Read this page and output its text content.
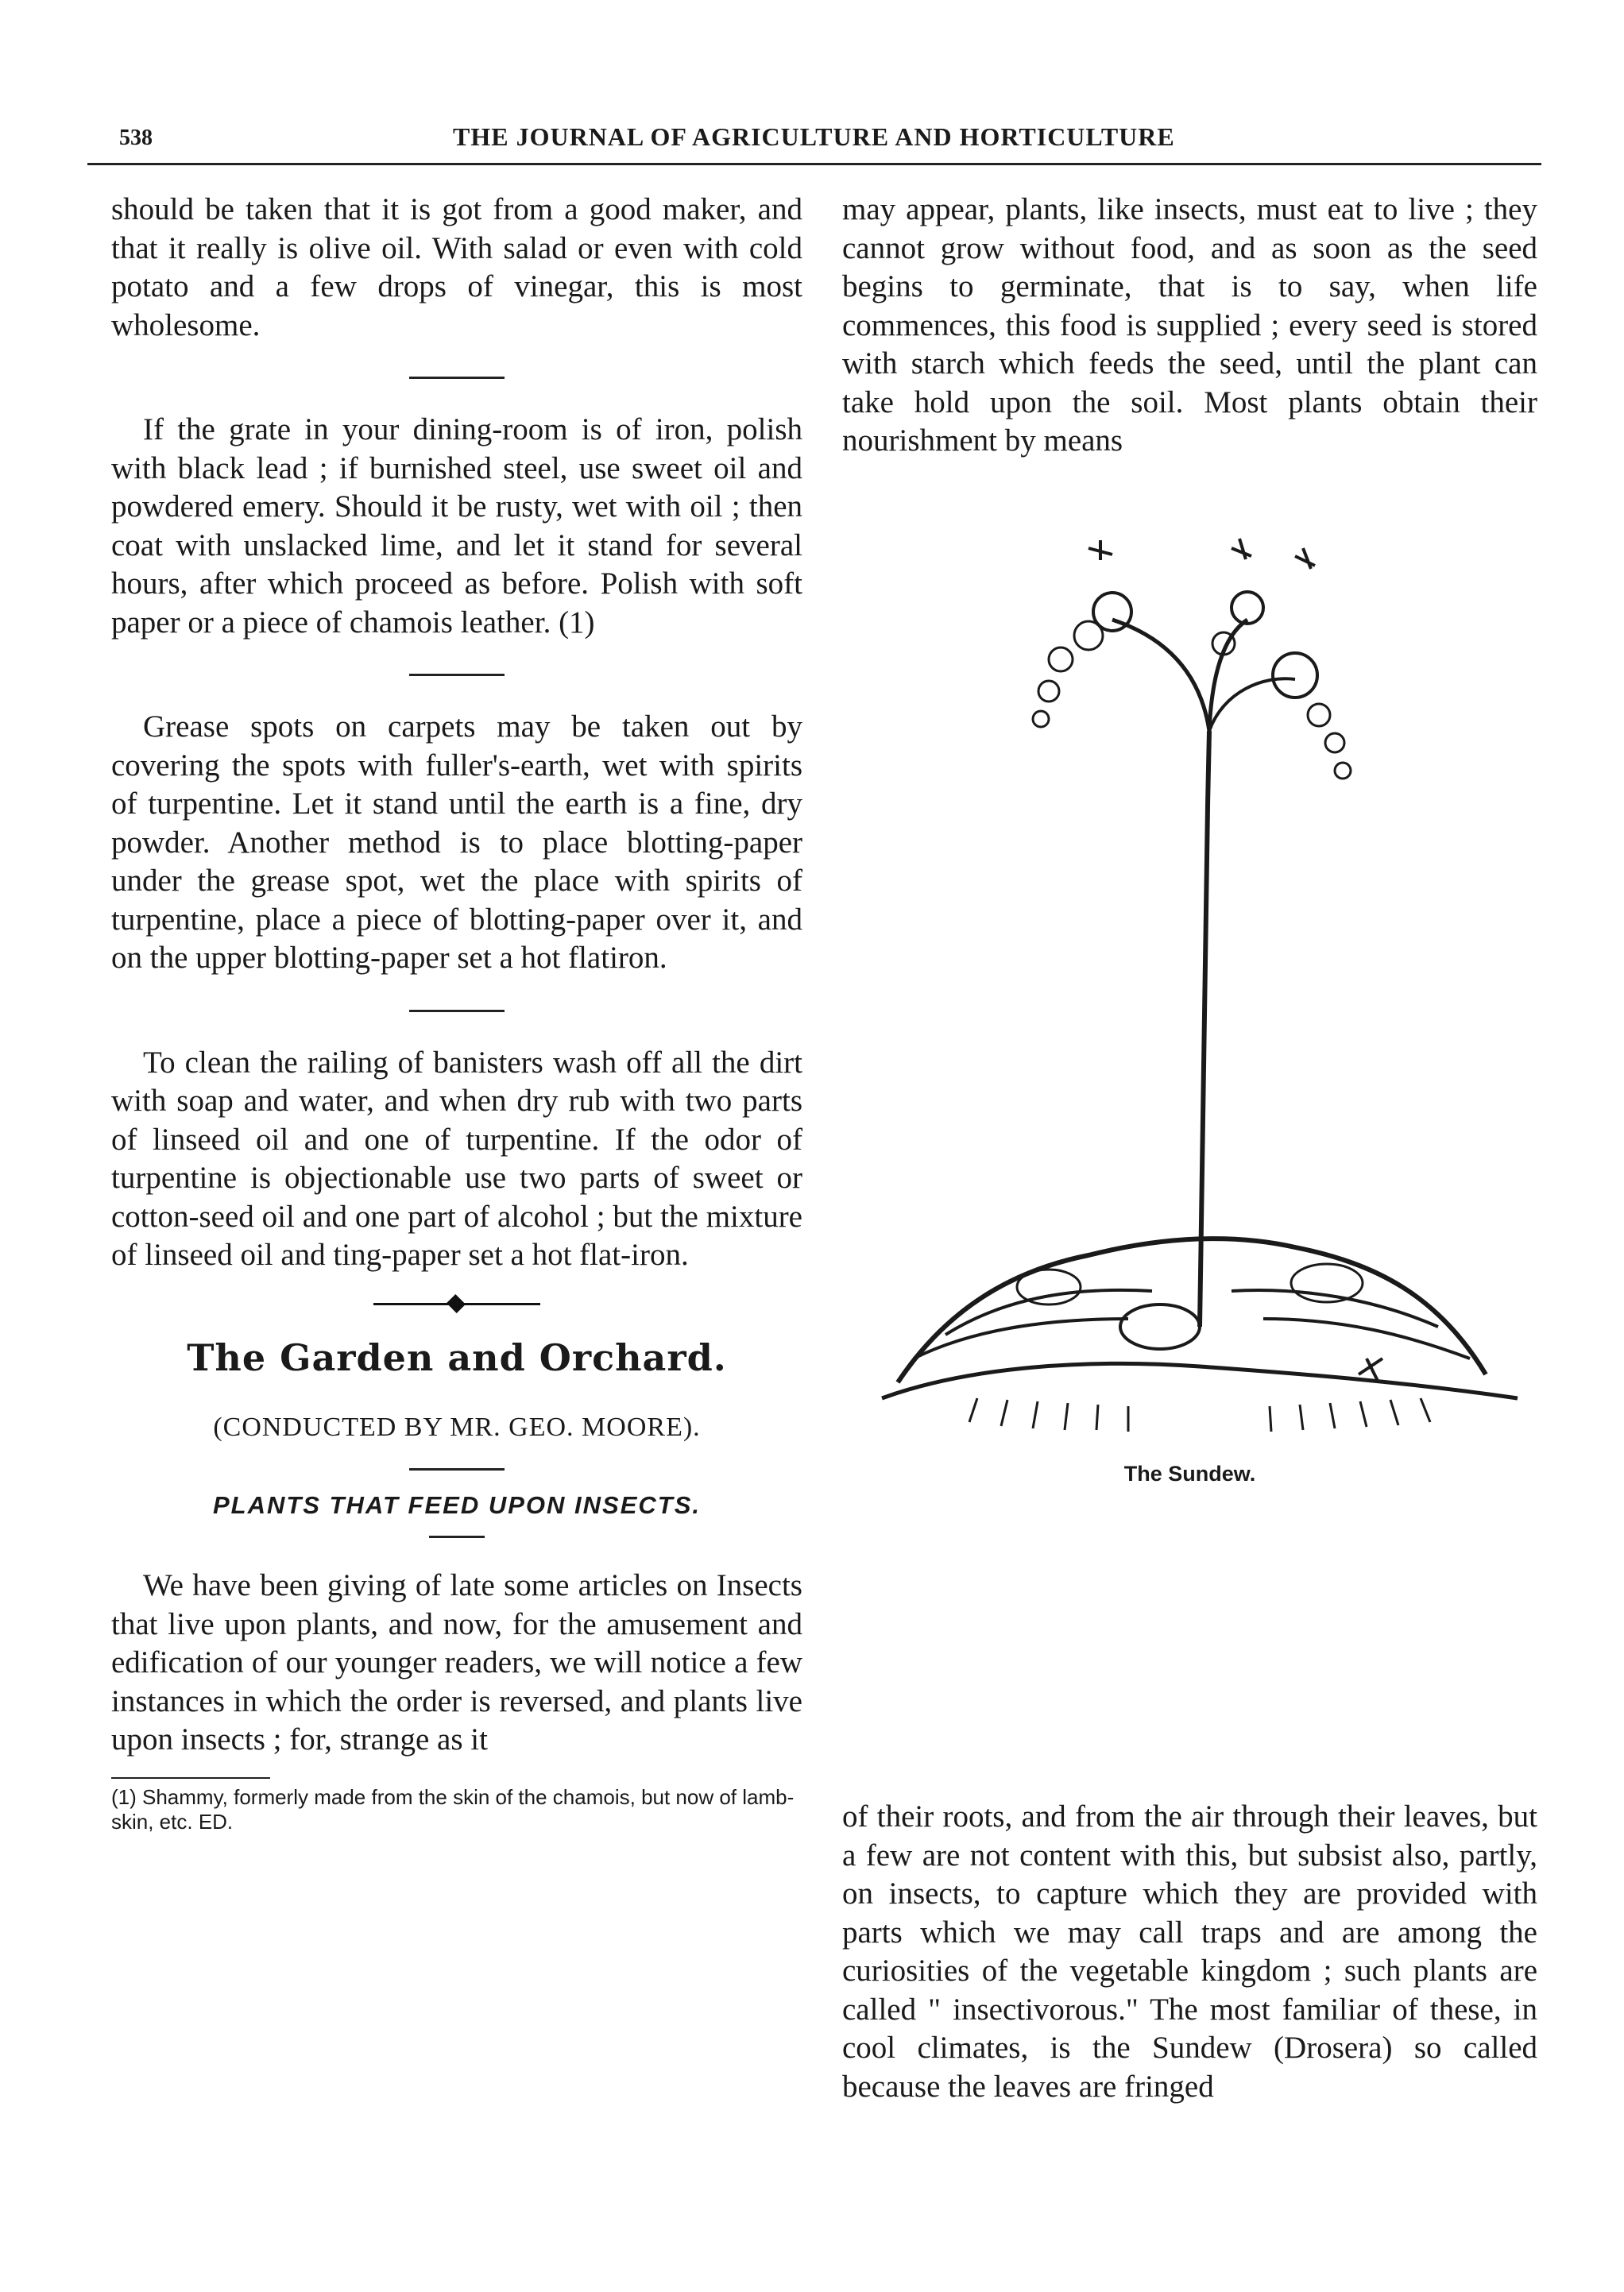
538	THE JOURNAL OF AGRICULTURE AND HORTICULTURE

should be taken that it is got from a good maker, and that it really is olive oil. With salad or even with cold potato and a few drops of vinegar, this is most wholesome.

If the grate in your dining-room is of iron, polish with black lead ; if burnished steel, use sweet oil and powdered emery. Should it be rusty, wet with oil ; then coat with unslacked lime, and let it stand for several hours, after which proceed as before. Polish with soft paper or a piece of chamois leather. (1)

Grease spots on carpets may be taken out by covering the spots with fuller's-earth, wet with spirits of turpentine. Let it stand until the earth is a fine, dry powder. Another method is to place blotting-paper under the grease spot, wet the place with spirits of turpentine, place a piece of blotting-paper over it, and on the upper blotting-paper set a hot flatiron.

To clean the railing of banisters wash off all the dirt with soap and water, and when dry rub with two parts of linseed oil and one of turpentine. If the odor of turpentine is objectionable use two parts of sweet or cotton-seed oil and one part of alcohol ; but the mixture of linseed oil and ting-paper set a hot flat-iron.

The Garden and Orchard.
(CONDUCTED BY MR. GEO. MOORE).
PLANTS THAT FEED UPON INSECTS.

We have been giving of late some articles on Insects that live upon plants, and now, for the amusement and edification of our younger readers, we will notice a few instances in which the order is reversed, and plants live upon insects ; for, strange as it

(1) Shammy, formerly made from the skin of the chamois, but now of lamb-skin, etc. ED.

may appear, plants, like insects, must eat to live ; they cannot grow without food, and as soon as the seed begins to germinate, that is to say, when life commences, this food is supplied ; every seed is stored with starch which feeds the seed, until the plant can take hold upon the soil. Most plants obtain their nourishment by means

The Sundew.

of their roots, and from the air through their leaves, but a few are not content with this, but subsist also, partly, on insects, to capture which they are provided with parts which we may call traps and are among the curiosities of the vegetable kingdom ; such plants are called " insectivorous." The most familiar of these, in cool climates, is the Sundew (Drosera) so called because the leaves are fringed
